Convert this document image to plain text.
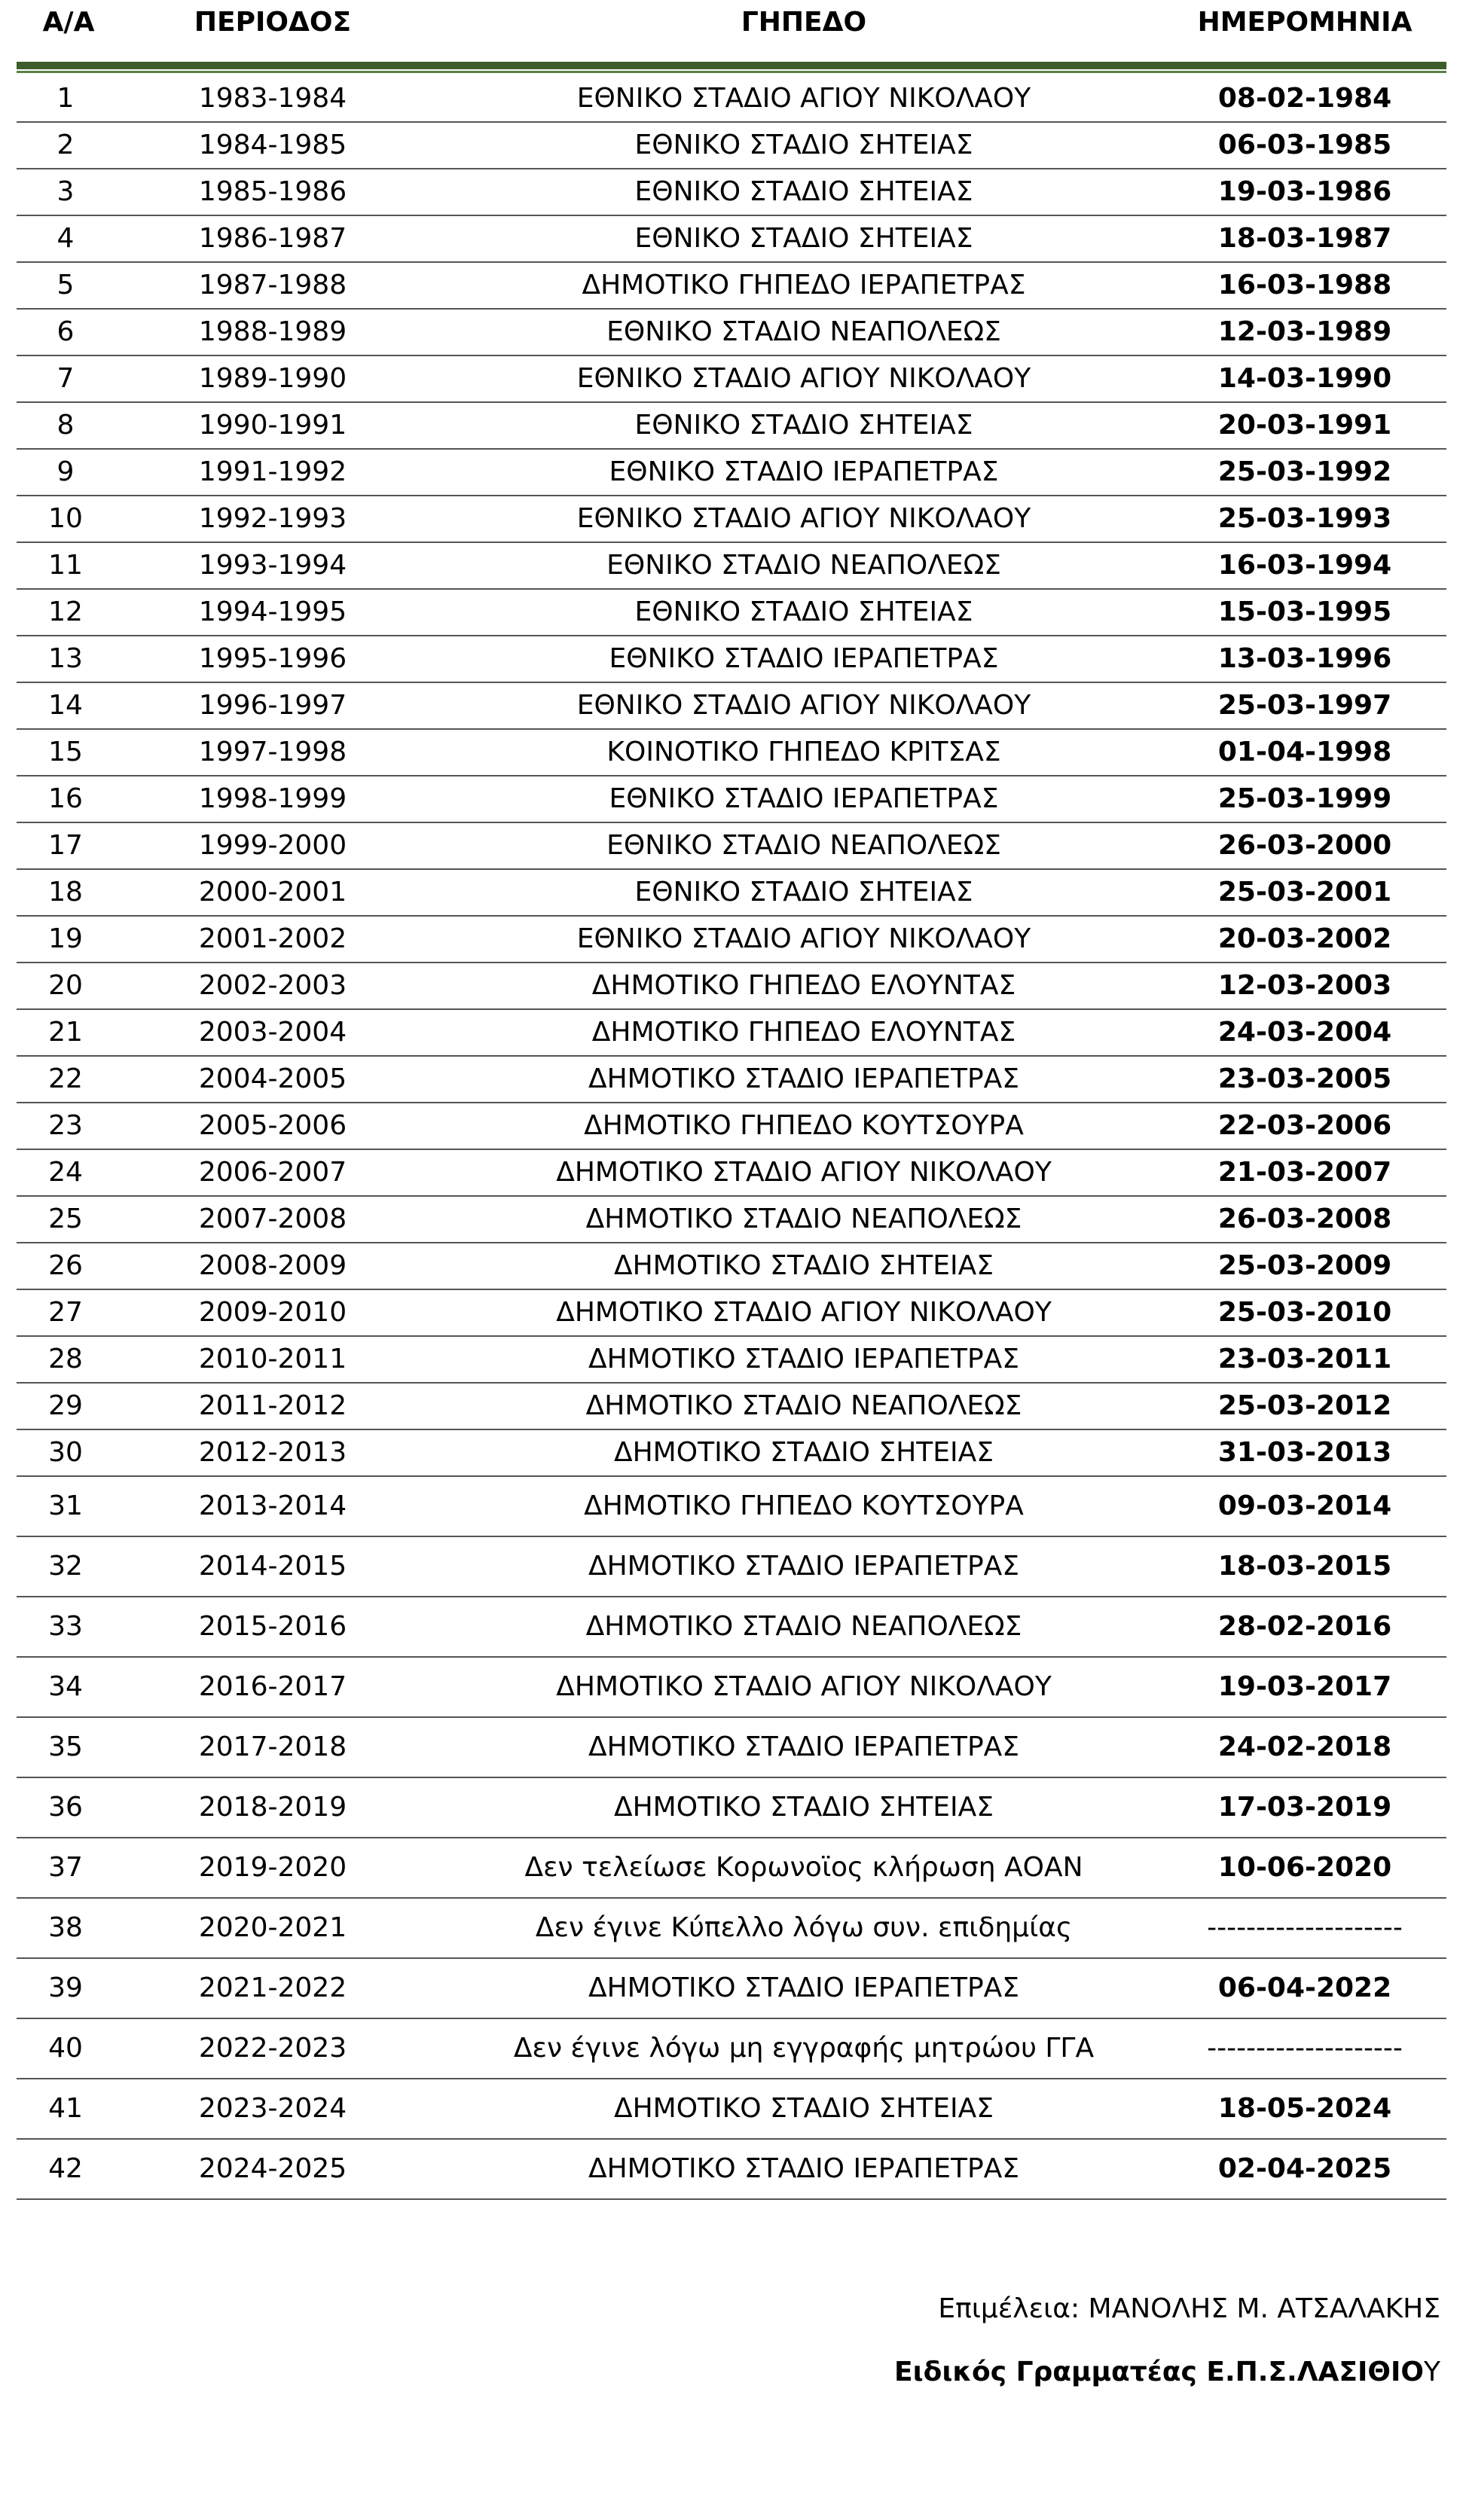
Α/Α	ΠΕΡΙΟΔΟΣ	ΓΗΠΕΔΟ	ΗΜΕΡΟΜΗΝΙΑ
1	1983-1984	ΕΘΝΙΚΟ ΣΤΑΔΙΟ ΑΓΙΟΥ ΝΙΚΟΛΑΟΥ	08-02-1984
2	1984-1985	ΕΘΝΙΚΟ ΣΤΑΔΙΟ ΣΗΤΕΙΑΣ	06-03-1985
3	1985-1986	ΕΘΝΙΚΟ ΣΤΑΔΙΟ ΣΗΤΕΙΑΣ	19-03-1986
4	1986-1987	ΕΘΝΙΚΟ ΣΤΑΔΙΟ ΣΗΤΕΙΑΣ	18-03-1987
5	1987-1988	ΔΗΜΟΤΙΚΟ ΓΗΠΕΔΟ ΙΕΡΑΠΕΤΡΑΣ	16-03-1988
6	1988-1989	ΕΘΝΙΚΟ ΣΤΑΔΙΟ ΝΕΑΠΟΛΕΩΣ	12-03-1989
7	1989-1990	ΕΘΝΙΚΟ ΣΤΑΔΙΟ ΑΓΙΟΥ ΝΙΚΟΛΑΟΥ	14-03-1990
8	1990-1991	ΕΘΝΙΚΟ ΣΤΑΔΙΟ ΣΗΤΕΙΑΣ	20-03-1991
9	1991-1992	ΕΘΝΙΚΟ ΣΤΑΔΙΟ ΙΕΡΑΠΕΤΡΑΣ	25-03-1992
10	1992-1993	ΕΘΝΙΚΟ ΣΤΑΔΙΟ ΑΓΙΟΥ ΝΙΚΟΛΑΟΥ	25-03-1993
11	1993-1994	ΕΘΝΙΚΟ ΣΤΑΔΙΟ ΝΕΑΠΟΛΕΩΣ	16-03-1994
12	1994-1995	ΕΘΝΙΚΟ ΣΤΑΔΙΟ ΣΗΤΕΙΑΣ	15-03-1995
13	1995-1996	ΕΘΝΙΚΟ ΣΤΑΔΙΟ ΙΕΡΑΠΕΤΡΑΣ	13-03-1996
14	1996-1997	ΕΘΝΙΚΟ ΣΤΑΔΙΟ ΑΓΙΟΥ ΝΙΚΟΛΑΟΥ	25-03-1997
15	1997-1998	ΚΟΙΝΟΤΙΚΟ ΓΗΠΕΔΟ ΚΡΙΤΣΑΣ	01-04-1998
16	1998-1999	ΕΘΝΙΚΟ ΣΤΑΔΙΟ ΙΕΡΑΠΕΤΡΑΣ	25-03-1999
17	1999-2000	ΕΘΝΙΚΟ ΣΤΑΔΙΟ ΝΕΑΠΟΛΕΩΣ	26-03-2000
18	2000-2001	ΕΘΝΙΚΟ ΣΤΑΔΙΟ ΣΗΤΕΙΑΣ	25-03-2001
19	2001-2002	ΕΘΝΙΚΟ ΣΤΑΔΙΟ ΑΓΙΟΥ ΝΙΚΟΛΑΟΥ	20-03-2002
20	2002-2003	ΔΗΜΟΤΙΚΟ ΓΗΠΕΔΟ ΕΛΟΥΝΤΑΣ	12-03-2003
21	2003-2004	ΔΗΜΟΤΙΚΟ ΓΗΠΕΔΟ ΕΛΟΥΝΤΑΣ	24-03-2004
22	2004-2005	ΔΗΜΟΤΙΚΟ ΣΤΑΔΙΟ ΙΕΡΑΠΕΤΡΑΣ	23-03-2005
23	2005-2006	ΔΗΜΟΤΙΚΟ ΓΗΠΕΔΟ ΚΟΥΤΣΟΥΡΑ	22-03-2006
24	2006-2007	ΔΗΜΟΤΙΚΟ ΣΤΑΔΙΟ ΑΓΙΟΥ ΝΙΚΟΛΑΟΥ	21-03-2007
25	2007-2008	ΔΗΜΟΤΙΚΟ ΣΤΑΔΙΟ ΝΕΑΠΟΛΕΩΣ	26-03-2008
26	2008-2009	ΔΗΜΟΤΙΚΟ ΣΤΑΔΙΟ ΣΗΤΕΙΑΣ	25-03-2009
27	2009-2010	ΔΗΜΟΤΙΚΟ ΣΤΑΔΙΟ ΑΓΙΟΥ ΝΙΚΟΛΑΟΥ	25-03-2010
28	2010-2011	ΔΗΜΟΤΙΚΟ ΣΤΑΔΙΟ ΙΕΡΑΠΕΤΡΑΣ	23-03-2011
29	2011-2012	ΔΗΜΟΤΙΚΟ ΣΤΑΔΙΟ ΝΕΑΠΟΛΕΩΣ	25-03-2012
30	2012-2013	ΔΗΜΟΤΙΚΟ ΣΤΑΔΙΟ ΣΗΤΕΙΑΣ	31-03-2013
31	2013-2014	ΔΗΜΟΤΙΚΟ ΓΗΠΕΔΟ ΚΟΥΤΣΟΥΡΑ	09-03-2014
32	2014-2015	ΔΗΜΟΤΙΚΟ ΣΤΑΔΙΟ ΙΕΡΑΠΕΤΡΑΣ	18-03-2015
33	2015-2016	ΔΗΜΟΤΙΚΟ ΣΤΑΔΙΟ ΝΕΑΠΟΛΕΩΣ	28-02-2016
34	2016-2017	ΔΗΜΟΤΙΚΟ ΣΤΑΔΙΟ ΑΓΙΟΥ ΝΙΚΟΛΑΟΥ	19-03-2017
35	2017-2018	ΔΗΜΟΤΙΚΟ ΣΤΑΔΙΟ ΙΕΡΑΠΕΤΡΑΣ	24-02-2018
36	2018-2019	ΔΗΜΟΤΙΚΟ ΣΤΑΔΙΟ ΣΗΤΕΙΑΣ	17-03-2019
37	2019-2020	Δεν τελείωσε Κορωνοϊος κλήρωση ΑΟΑΝ	10-06-2020
38	2020-2021	Δεν έγινε Κύπελλο λόγω συν. επιδημίας	--------------------
39	2021-2022	ΔΗΜΟΤΙΚΟ ΣΤΑΔΙΟ ΙΕΡΑΠΕΤΡΑΣ	06-04-2022
40	2022-2023	Δεν έγινε λόγω μη εγγραφής μητρώου ΓΓΑ	--------------------
41	2023-2024	ΔΗΜΟΤΙΚΟ ΣΤΑΔΙΟ ΣΗΤΕΙΑΣ	18-05-2024
42	2024-2025	ΔΗΜΟΤΙΚΟ ΣΤΑΔΙΟ ΙΕΡΑΠΕΤΡΑΣ	02-04-2025
Επιμέλεια: ΜΑΝΟΛΗΣ Μ. ΑΤΣΑΛΑΚΗΣ
Ειδικός Γραμματέας Ε.Π.Σ.ΛΑΣΙΘΙΟΥ
